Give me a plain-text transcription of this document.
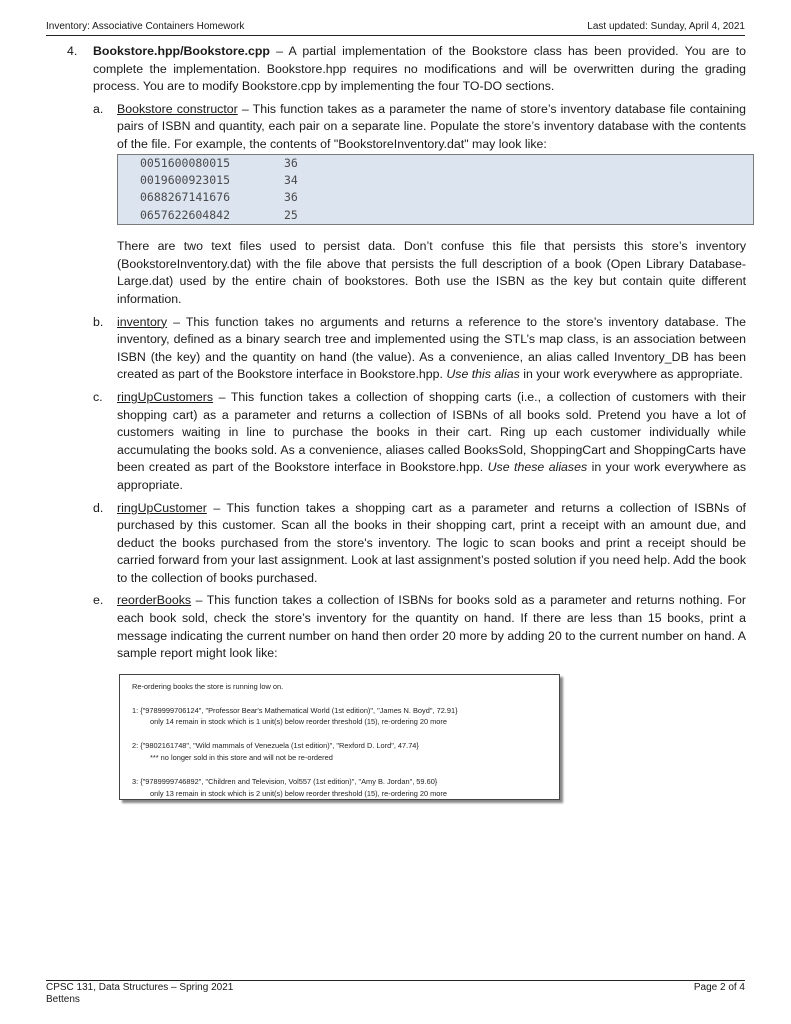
Inventory: Associative Containers Homework	Last updated: Sunday, April 4, 2021
4. Bookstore.hpp/Bookstore.cpp – A partial implementation of the Bookstore class has been provided. You are to complete the implementation. Bookstore.hpp requires no modifications and will be overwritten during the grading process. You are to modify Bookstore.cpp by implementing the four TO-DO sections.
a. Bookstore constructor – This function takes as a parameter the name of store’s inventory database file containing pairs of ISBN and quantity, each pair on a separate line. Populate the store’s inventory database with the contents of the file. For example, the contents of "BookstoreInventory.dat" may look like:
0051600080015	36
0019600923015	34
0688267141676	36
0657622604842	25
There are two text files used to persist data. Don’t confuse this file that persists this store’s inventory (BookstoreInventory.dat) with the file above that persists the full description of a book (Open Library Database-Large.dat) used by the entire chain of bookstores. Both use the ISBN as the key but contain quite different information.
b. inventory – This function takes no arguments and returns a reference to the store’s inventory database. The inventory, defined as a binary search tree and implemented using the STL’s map class, is an association between ISBN (the key) and the quantity on hand (the value). As a convenience, an alias called Inventory_DB has been created as part of the Bookstore interface in Bookstore.hpp. Use this alias in your work everywhere as appropriate.
c. ringUpCustomers – This function takes a collection of shopping carts (i.e., a collection of customers with their shopping cart) as a parameter and returns a collection of ISBNs of all books sold. Pretend you have a lot of customers waiting in line to purchase the books in their cart. Ring up each customer individually while accumulating the books sold. As a convenience, aliases called BooksSold, ShoppingCart and ShoppingCarts have been created as part of the Bookstore interface in Bookstore.hpp. Use these aliases in your work everywhere as appropriate.
d. ringUpCustomer – This function takes a shopping cart as a parameter and returns a collection of ISBNs of purchased by this customer. Scan all the books in their shopping cart, print a receipt with an amount due, and deduct the books purchased from the store's inventory. The logic to scan books and print a receipt should be carried forward from your last assignment. Look at last assignment’s posted solution if you need help. Add the book to the collection of books purchased.
e. reorderBooks – This function takes a collection of ISBNs for books sold as a parameter and returns nothing. For each book sold, check the store’s inventory for the quantity on hand. If there are less than 15 books, print a message indicating the current number on hand then order 20 more by adding 20 to the current number on hand. A sample report might look like:
Re-ordering books the store is running low on.
1: {"9789999706124", "Professor Bear's Mathematical World (1st edition)", "James N. Boyd", 72.91}
only 14 remain in stock which is 1 unit(s) below reorder threshold (15), re-ordering 20 more
2: {"9802161748", "Wild mammals of Venezuela (1st edition)", "Rexford D. Lord", 47.74}
*** no longer sold in this store and will not be re-ordered
3: {"9789999746892", "Children and Television, Vol557 (1st edition)", "Amy B. Jordan", 59.60}
only 13 remain in stock which is 2 unit(s) below reorder threshold (15), re-ordering 20 more
CPSC 131, Data Structures – Spring 2021
Bettens
Page 2 of 4
